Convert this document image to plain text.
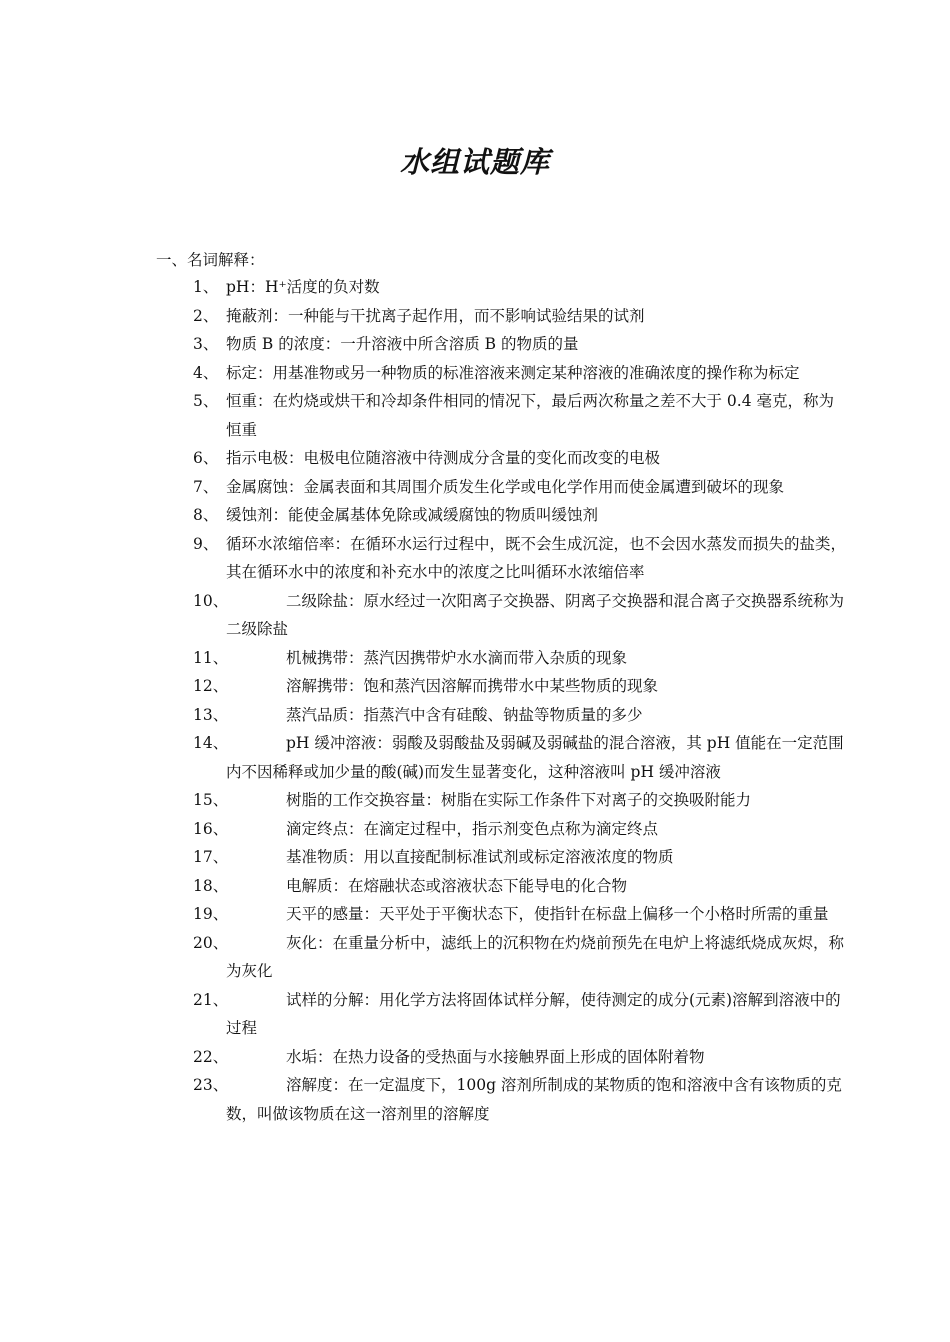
水组试题库
一、名词解释：
1、 pH：H⁺活度的负对数
2、 掩蔽剂：一种能与干扰离子起作用，而不影响试验结果的试剂
3、 物质 B 的浓度：一升溶液中所含溶质 B 的物质的量
4、 标定：用基准物或另一种物质的标准溶液来测定某种溶液的准确浓度的操作称为标定
5、 恒重：在灼烧或烘干和冷却条件相同的情况下，最后两次称量之差不大于 0.4 毫克，称为恒重
6、 指示电极：电极电位随溶液中待测成分含量的变化而改变的电极
7、 金属腐蚀：金属表面和其周围介质发生化学或电化学作用而使金属遭到破坏的现象
8、 缓蚀剂：能使金属基体免除或减缓腐蚀的物质叫缓蚀剂
9、 循环水浓缩倍率：在循环水运行过程中，既不会生成沉淀，也不会因水蒸发而损失的盐类，其在循环水中的浓度和补充水中的浓度之比叫循环水浓缩倍率
10、	二级除盐：原水经过一次阳离子交换器、阴离子交换器和混合离子交换器系统称为二级除盐
11、	机械携带：蒸汽因携带炉水水滴而带入杂质的现象
12、	溶解携带：饱和蒸汽因溶解而携带水中某些物质的现象
13、	蒸汽品质：指蒸汽中含有硅酸、钠盐等物质量的多少
14、	pH 缓冲溶液：弱酸及弱酸盐及弱碱及弱碱盐的混合溶液，其 pH 值能在一定范围内不因稀释或加少量的酸(碱)而发生显著变化，这种溶液叫 pH 缓冲溶液
15、	树脂的工作交换容量：树脂在实际工作条件下对离子的交换吸附能力
16、	滴定终点：在滴定过程中，指示剂变色点称为滴定终点
17、	基准物质：用以直接配制标准试剂或标定溶液浓度的物质
18、	电解质：在熔融状态或溶液状态下能导电的化合物
19、	天平的感量：天平处于平衡状态下，使指针在标盘上偏移一个小格时所需的重量
20、	灰化：在重量分析中，滤纸上的沉积物在灼烧前预先在电炉上将滤纸烧成灰烬，称为灰化
21、	试样的分解：用化学方法将固体试样分解，使待测定的成分(元素)溶解到溶液中的过程
22、	水垢：在热力设备的受热面与水接触界面上形成的固体附着物
23、	溶解度：在一定温度下，100g 溶剂所制成的某物质的饱和溶液中含有该物质的克数，叫做该物质在这一溶剂里的溶解度
